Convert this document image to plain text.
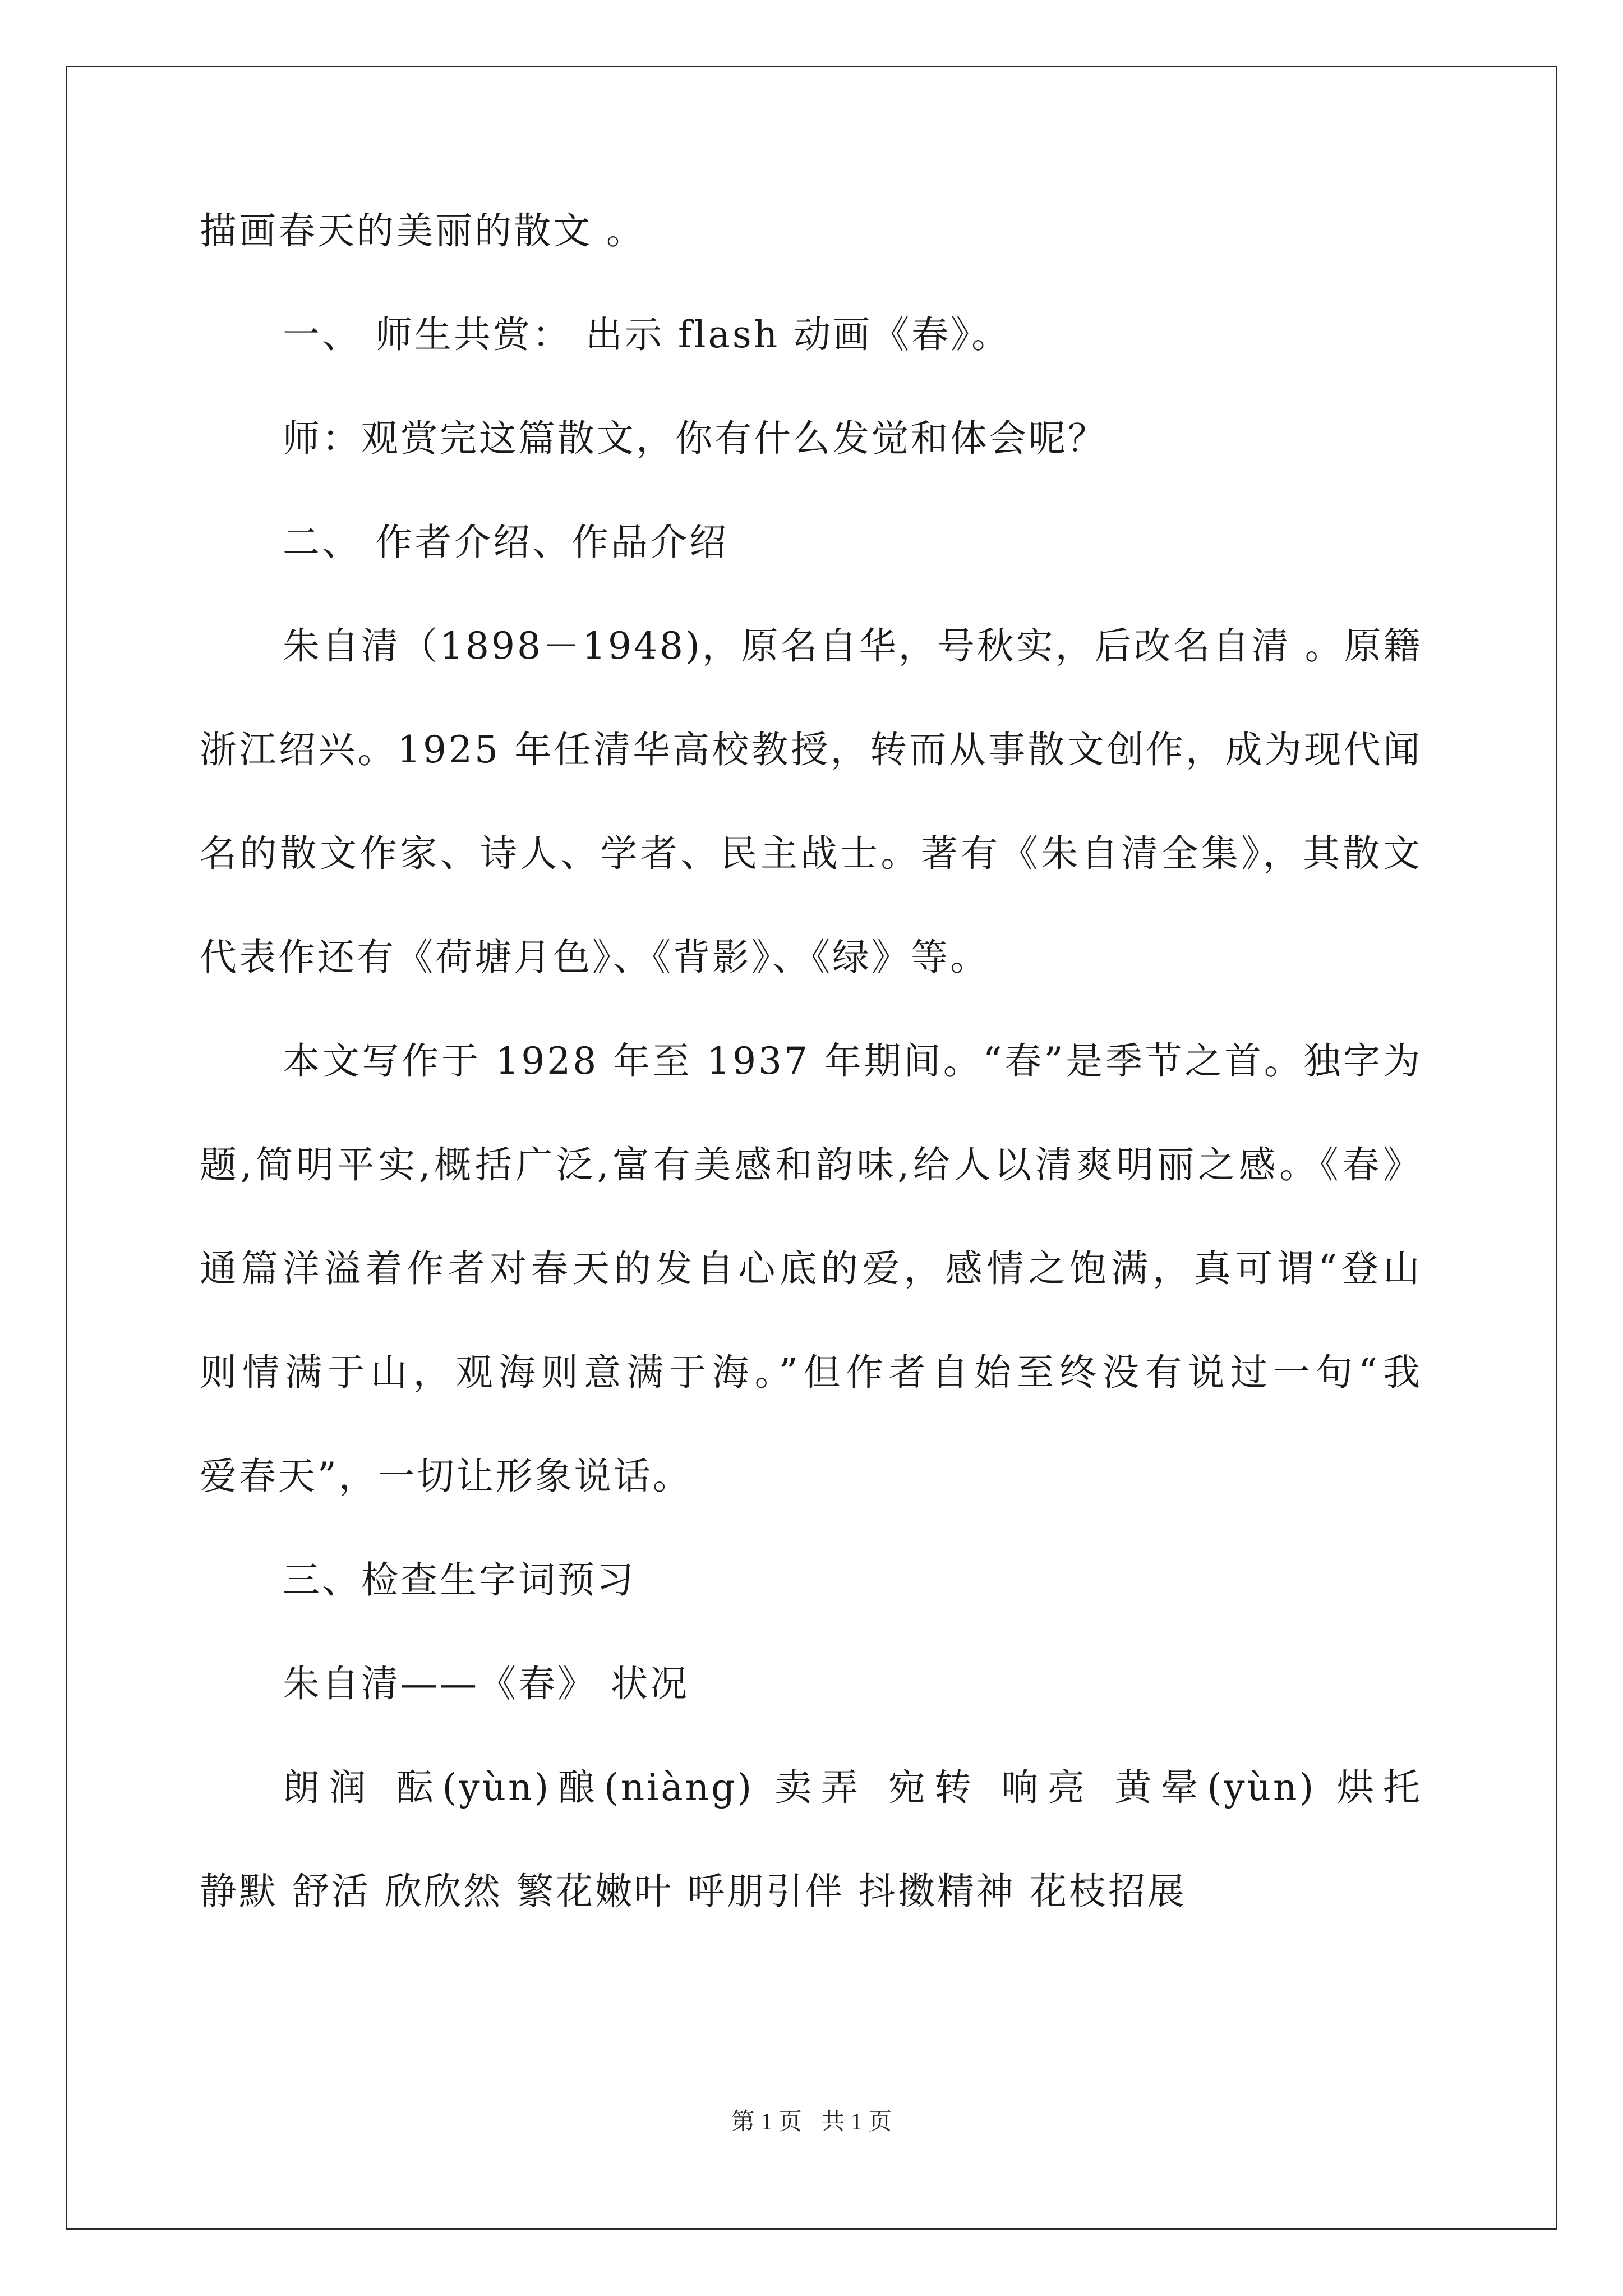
描画春天的美丽的散文 。
一、 师生共赏： 出示 flash 动画《春》。
师：观赏完这篇散文，你有什么发觉和体会呢？
二、 作者介绍、作品介绍
朱自清（1898－1948)，原名自华，号秋实，后改名自清 。原籍
浙江绍兴。1925 年任清华高校教授，转而从事散文创作，成为现代闻
名的散文作家、诗人、学者、民主战士。著有《朱自清全集》，其散文
代表作还有《荷塘月色》、《背影》、《绿》等。
本文写作于 1928 年至 1937 年期间。“春”是季节之首。独字为
题,简明平实,概括广泛,富有美感和韵味,给人以清爽明丽之感。《春》
通篇洋溢着作者对春天的发自心底的爱，感情之饱满，真可谓“登山
则情满于山，观海则意满于海。”但作者自始至终没有说过一句“我
爱春天”，一切让形象说话。
三、检查生字词预习
朱自清——《春》 状况
朗润 酝(yùn)酿(niàng) 卖弄 宛转 响亮 黄晕(yùn) 烘托
静默 舒活 欣欣然 繁花嫩叶 呼朋引伴 抖擞精神 花枝招展
第 1 页 共 1 页
